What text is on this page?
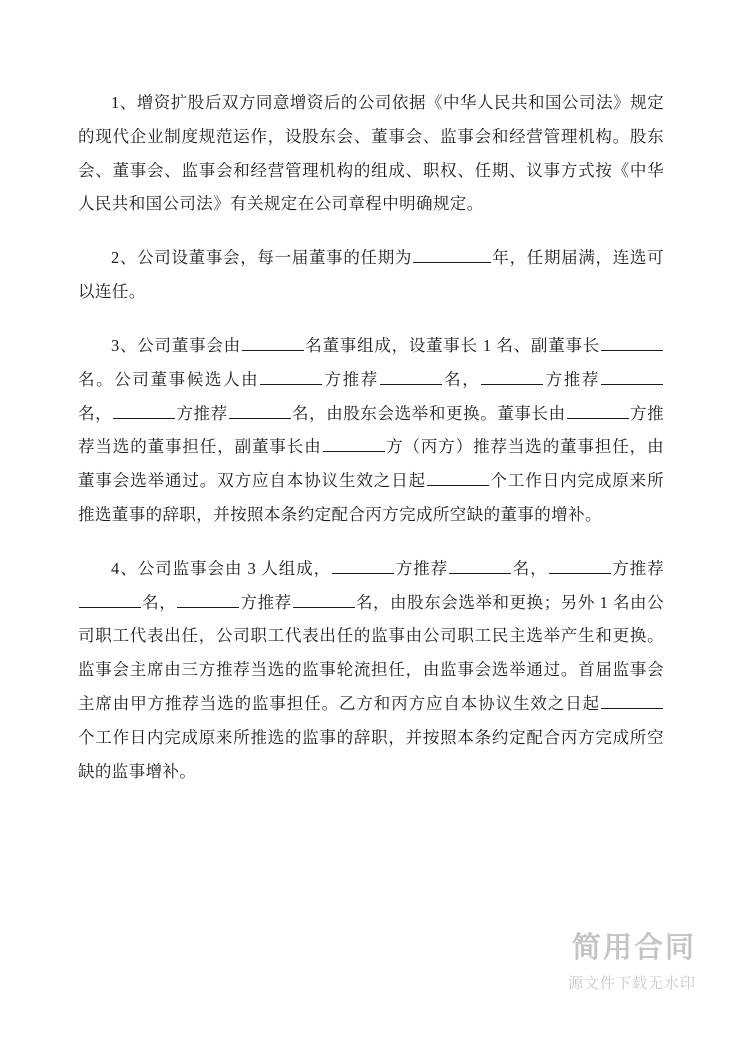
1、增资扩股后双方同意增资后的公司依据《中华人民共和国公司法》规定的现代企业制度规范运作，设股东会、董事会、监事会和经营管理机构。股东会、董事会、监事会和经营管理机构的组成、职权、任期、议事方式按《中华人民共和国公司法》有关规定在公司章程中明确规定。

2、公司设董事会，每一届董事的任期为	年，任期届满，连选可以连任。

3、公司董事会由	名董事组成，设董事长 1 名、副董事长名。公司董事候选人由	方推荐	名，	方推荐名，	方推荐	名，由股东会选举和更换。董事长由	方推荐当选的董事担任，副董事长由	方（丙方）推荐当选的董事担任，由董事会选举通过。双方应自本协议生效之日起	个工作日内完成原来所推选董事的辞职，并按照本条约定配合丙方完成所空缺的董事的增补。

4、公司监事会由 3 人组成，	方推荐	名，	方推荐名，	方推荐	名，由股东会选举和更换；另外 1 名由公司职工代表出任，公司职工代表出任的监事由公司职工民主选举产生和更换。监事会主席由三方推荐当选的监事轮流担任，由监事会选举通过。首届监事会主席由甲方推荐当选的监事担任。乙方和丙方应自本协议生效之日起个工作日内完成原来所推选的监事的辞职，并按照本条约定配合丙方完成所空缺的监事增补。

简用合同
源文件下载无水印
